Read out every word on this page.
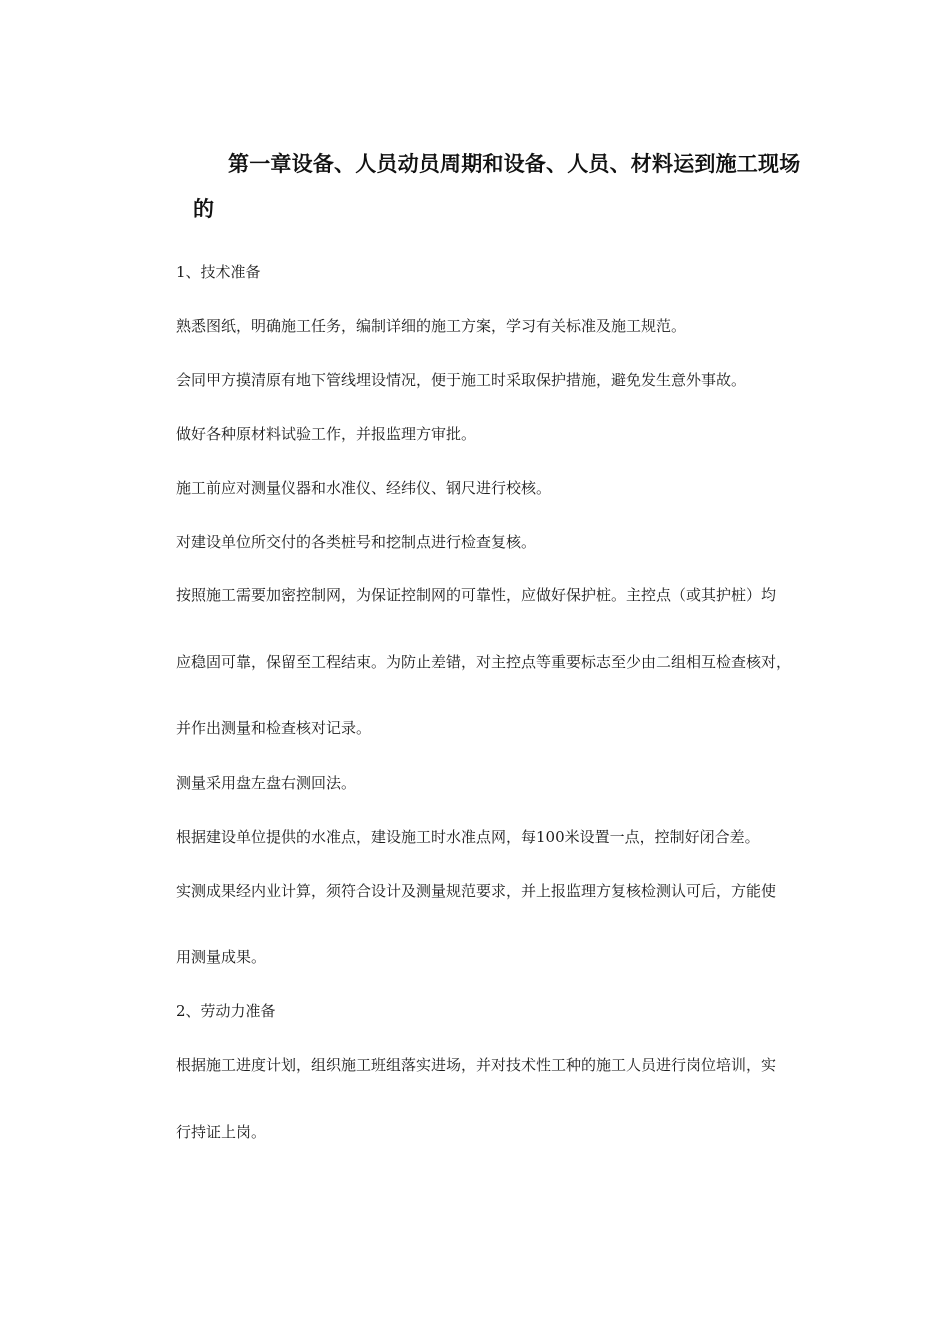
第一章设备、人员动员周期和设备、人员、材料运到施工现场
的
1、技术准备
熟悉图纸，明确施工任务，编制详细的施工方案，学习有关标准及施工规范。
会同甲方摸清原有地下管线埋设情况，便于施工时采取保护措施，避免发生意外事故。
做好各种原材料试验工作，并报监理方审批。
施工前应对测量仪器和水准仪、经纬仪、钢尺进行校核。
对建设单位所交付的各类桩号和挖制点进行检查复核。
按照施工需要加密控制网，为保证控制网的可靠性，应做好保护桩。主控点（或其护桩）均
应稳固可靠，保留至工程结束。为防止差错，对主控点等重要标志至少由二组相互检查核对，
并作出测量和检查核对记录。
测量采用盘左盘右测回法。
根据建设单位提供的水准点，建设施工时水准点网，每100米设置一点，控制好闭合差。
实测成果经内业计算，须符合设计及测量规范要求，并上报监理方复核检测认可后，方能使
用测量成果。
2、劳动力准备
根据施工进度计划，组织施工班组落实进场，并对技术性工种的施工人员进行岗位培训，实
行持证上岗。
